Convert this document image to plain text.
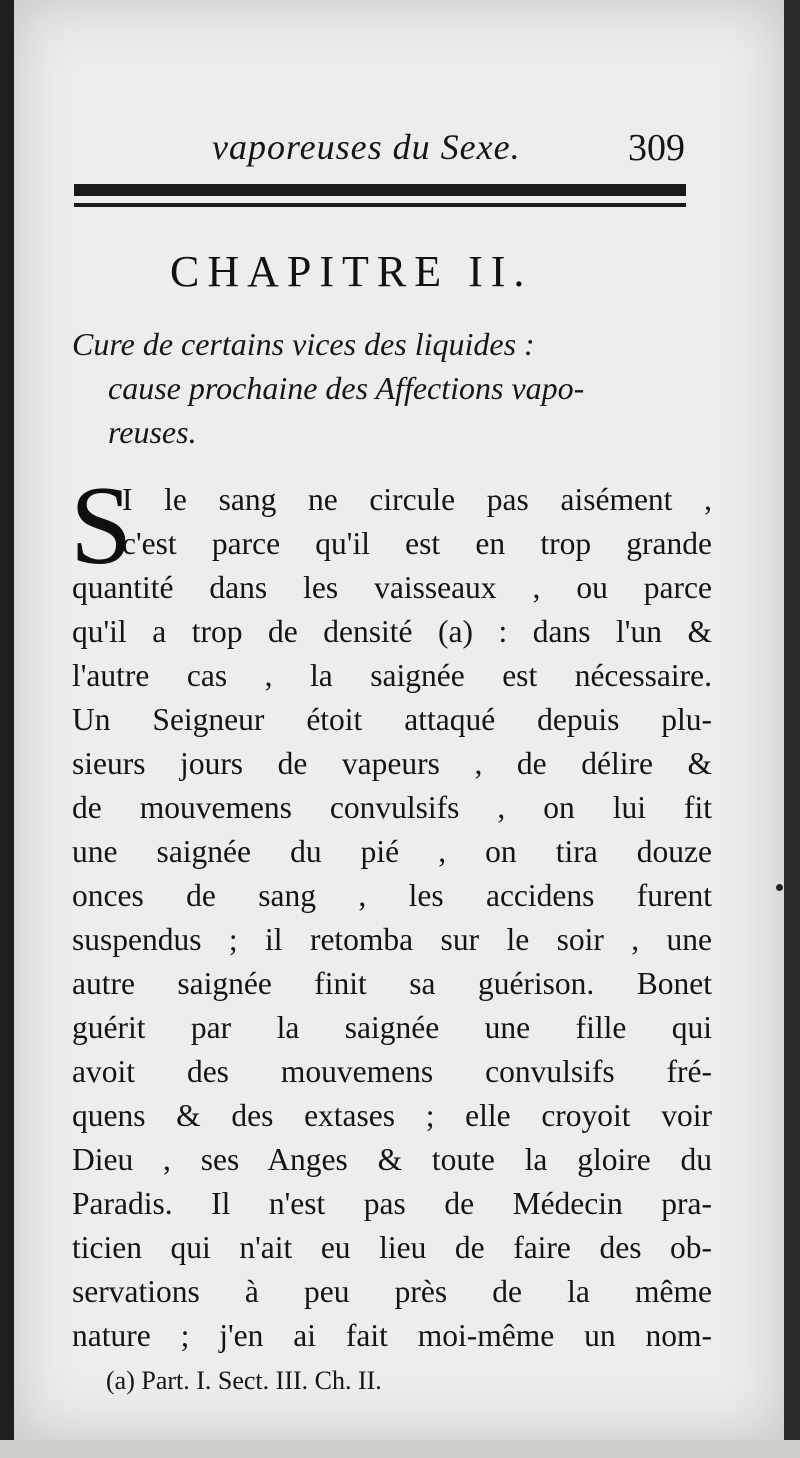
vaporeuses du Sexe.	309
CHAPITRE II.
Cure de certains vices des liquides :
cause prochaine des Affections vapo-
reuses.
S
I le sang ne circule pas aisément ,
c'est parce qu'il est en trop grande
quantité dans les vaisseaux , ou parce
qu'il a trop de densité (a) : dans l'un &
l'autre cas , la saignée est nécessaire.
Un Seigneur étoit attaqué depuis plu-
sieurs jours de vapeurs , de délire &
de mouvemens convulsifs , on lui fit
une saignée du pié , on tira douze
onces de sang , les accidens furent
suspendus ; il retomba sur le soir , une
autre saignée finit sa guérison. Bonet
guérit par la saignée une fille qui
avoit des mouvemens convulsifs fré-
quens & des extases ; elle croyoit voir
Dieu , ses Anges & toute la gloire du
Paradis. Il n'est pas de Médecin pra-
ticien qui n'ait eu lieu de faire des ob-
servations à peu près de la même
nature ; j'en ai fait moi-même un nom-
(a) Part. I. Sect. III. Ch. II.
